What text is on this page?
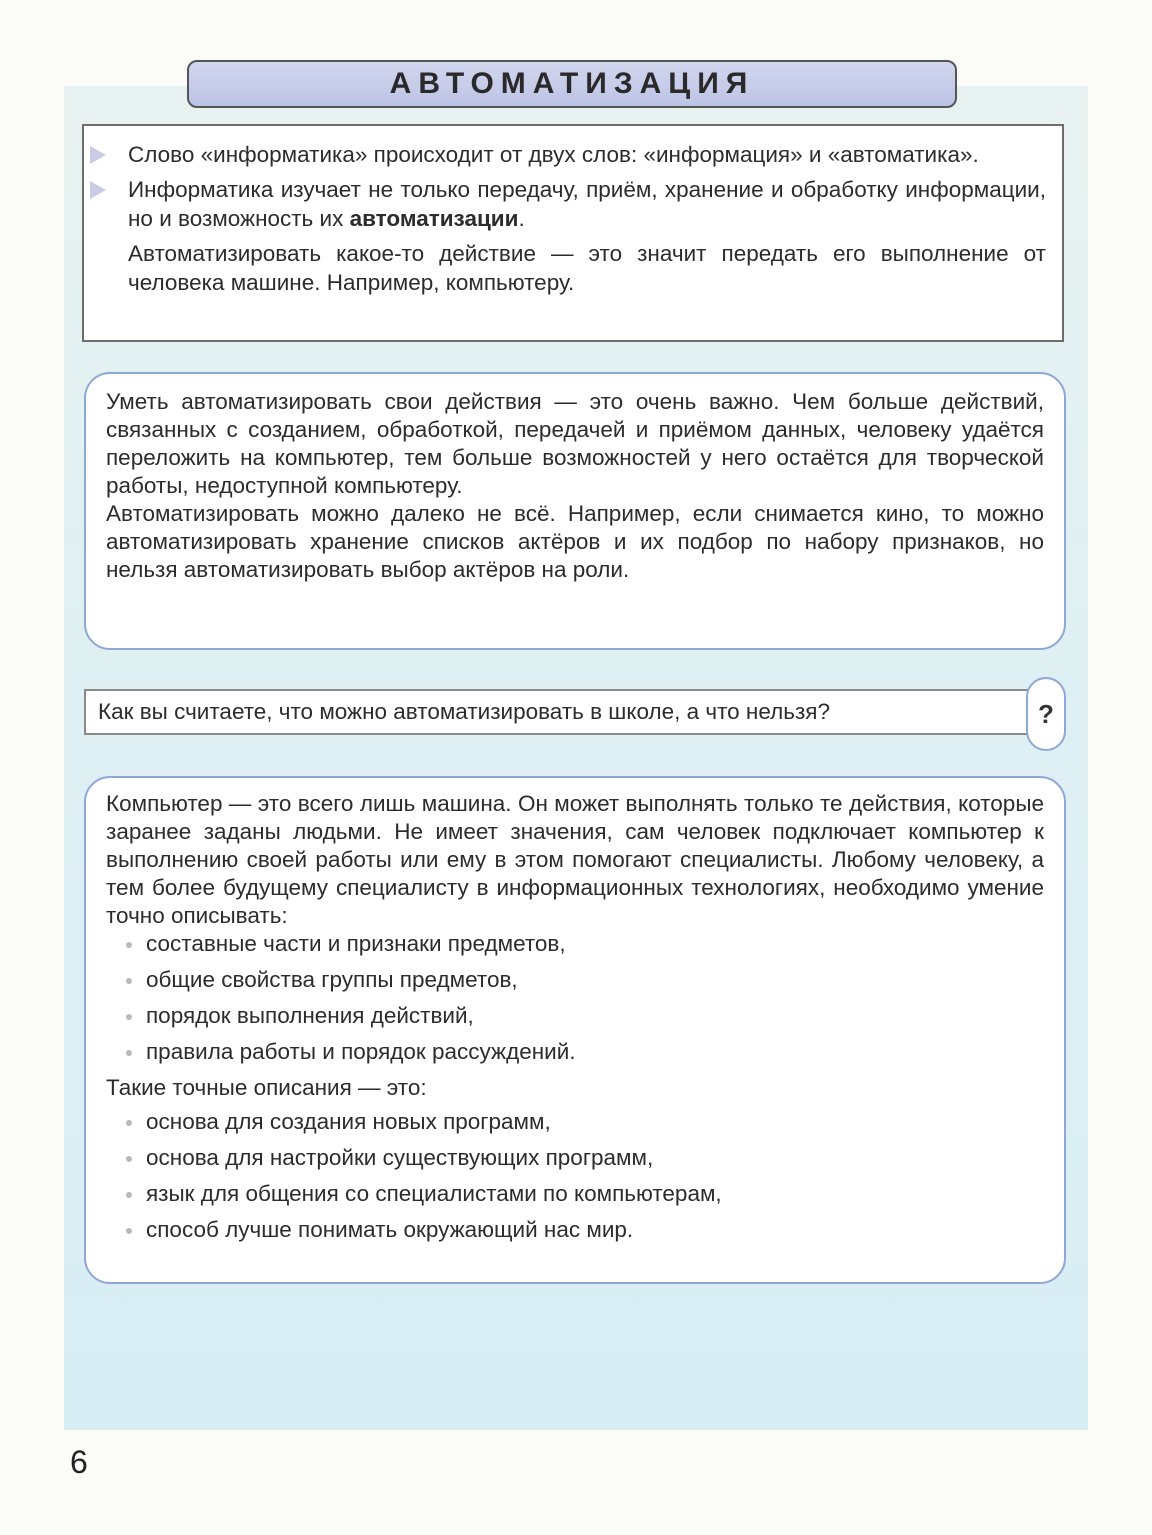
АВТОМАТИЗАЦИЯ
Слово «информатика» происходит от двух слов: «информация» и «автоматика».
Информатика изучает не только передачу, приём, хранение и обработку информации, но и возможность их автоматизации.
Автоматизировать какое-то действие — это значит передать его выполнение от человека машине. Например, компьютеру.

Уметь автоматизировать свои действия — это очень важно. Чем больше действий, связанных с созданием, обработкой, передачей и приёмом данных, человеку удаётся переложить на компьютер, тем больше возможностей у него остаётся для творческой работы, недоступной компьютеру.

Автоматизировать можно далеко не всё. Например, если снимается кино, то можно автоматизировать хранение списков актёров и их подбор по набору признаков, но нельзя автоматизировать выбор актёров на роли.

Как вы считаете, что можно автоматизировать в школе, а что нельзя?	?

Компьютер — это всего лишь машина. Он может выполнять только те действия, которые заранее заданы людьми. Не имеет значения, сам человек подключает компьютер к выполнению своей работы или ему в этом помогают специалисты. Любому человеку, а тем более будущему специалисту в информационных технологиях, необходимо умение точно описывать:

составные части и признаки предметов,
общие свойства группы предметов,
порядок выполнения действий,
правила работы и порядок рассуждений.

Такие точные описания — это:

основа для создания новых программ,
основа для настройки существующих программ,
язык для общения со специалистами по компьютерам,
способ лучше понимать окружающий нас мир.
6
